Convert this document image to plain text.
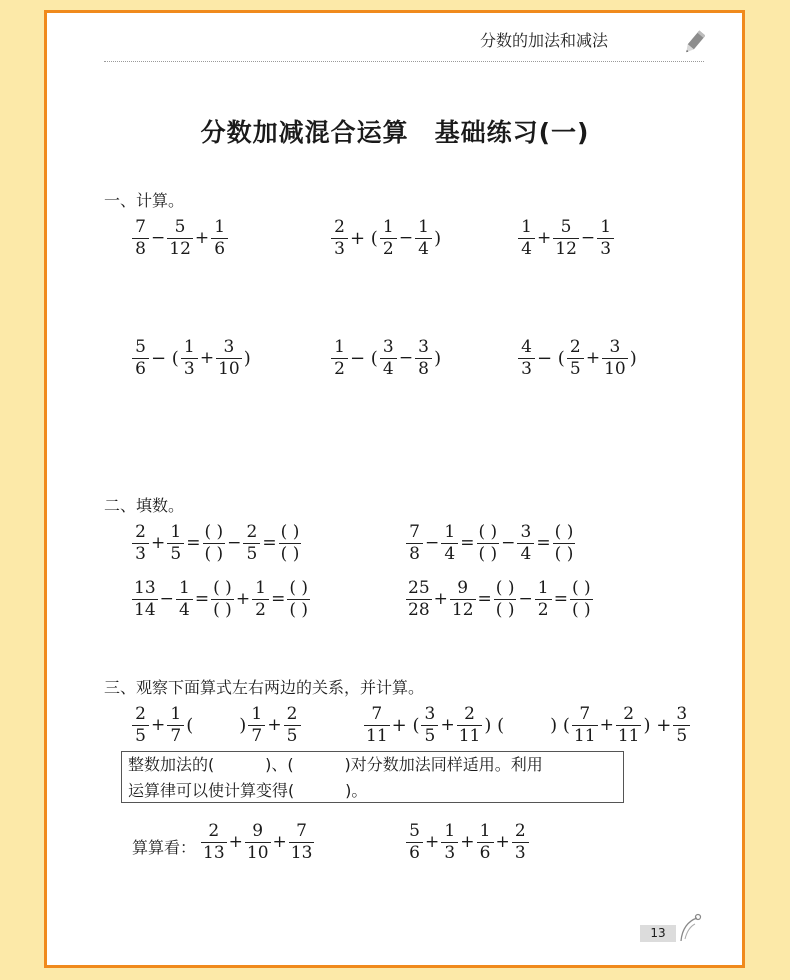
分数的加法和减法
分数加减混合运算　基础练习(一)
一、计算。
$\frac{7}{8} - \frac{5}{12} + \frac{1}{6}$	$\frac{2}{3}$ + ( $\frac{1}{2} - \frac{1}{4}$ )	$\frac{1}{4} + \frac{5}{12} - \frac{1}{3}$
$\frac{5}{6}$ − ( $\frac{1}{3} + \frac{3}{10}$ )	$\frac{1}{2}$ − ( $\frac{3}{4} - \frac{3}{8}$ )	$\frac{4}{3}$ − ( $\frac{2}{5} + \frac{3}{10}$ )
二、填数。
$\frac{2}{3} + \frac{1}{5} = \frac{( )}{( )} - \frac{2}{5} = \frac{( )}{( )}$	$\frac{7}{8} - \frac{1}{4} = \frac{( )}{( )} - \frac{3}{4} = \frac{( )}{( )}$
$\frac{13}{14} - \frac{1}{4} = \frac{( )}{( )} + \frac{1}{2} = \frac{( )}{( )}$	$\frac{25}{28} + \frac{9}{12} = \frac{( )}{( )} - \frac{1}{2} = \frac{( )}{( )}$
三、观察下面算式左右两边的关系，并计算。
$\frac{2}{5} + \frac{1}{7}$ (	) $\frac{1}{7} + \frac{2}{5}$	$\frac{7}{11}$ + ( $\frac{3}{5} + \frac{2}{11}$ ) (	) ( $\frac{7}{11} + \frac{2}{11}$ ) + $\frac{3}{5}$
整数加法的(          )、(          )对分数加法同样适用。利用
运算律可以使计算变得(          )。
算算看： $\frac{2}{13} + \frac{9}{10} + \frac{7}{13}$	$\frac{5}{6} + \frac{1}{3} + \frac{1}{6} + \frac{2}{3}$
13
